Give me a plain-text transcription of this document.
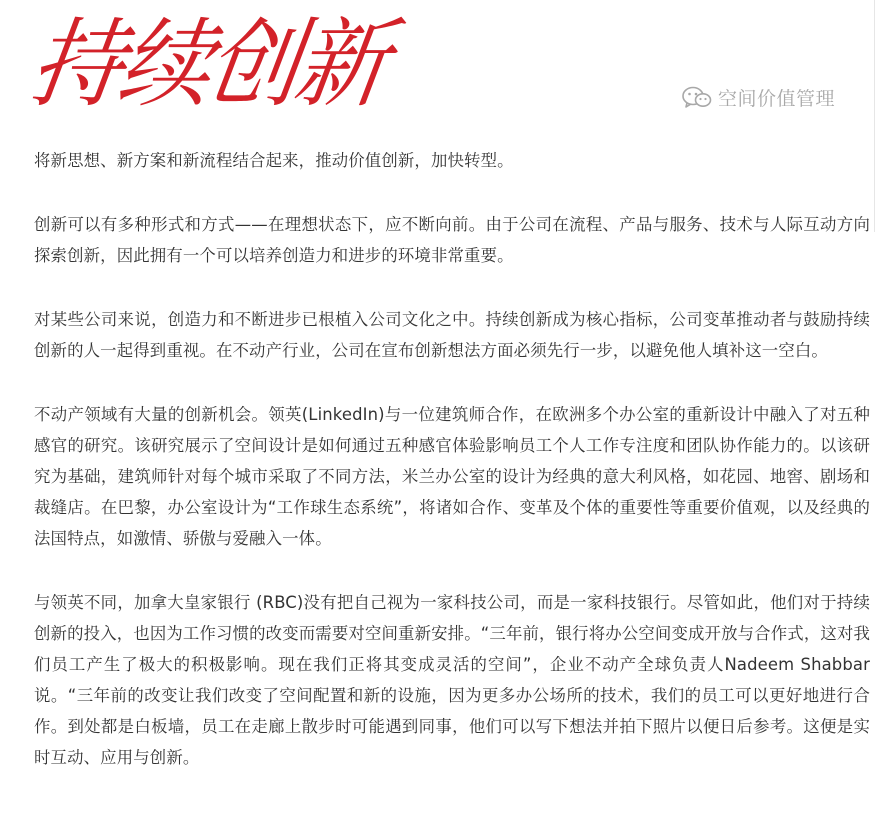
持续创新	空间价值管理

将新思想、新方案和新流程结合起来，推动价值创新，加快转型。

创新可以有多种形式和方式——在理想状态下，应不断向前。由于公司在流程、产品与服务、技术与人际互动方向探索创新，因此拥有一个可以培养创造力和进步的环境非常重要。

对某些公司来说，创造力和不断进步已根植入公司文化之中。持续创新成为核心指标，公司变革推动者与鼓励持续创新的人一起得到重视。在不动产行业，公司在宣布创新想法方面必须先行一步，以避免他人填补这一空白。

不动产领域有大量的创新机会。领英(LinkedIn)与一位建筑师合作，在欧洲多个办公室的重新设计中融入了对五种感官的研究。该研究展示了空间设计是如何通过五种感官体验影响员工个人工作专注度和团队协作能力的。以该研究为基础，建筑师针对每个城市采取了不同方法，米兰办公室的设计为经典的意大利风格，如花园、地窖、剧场和裁缝店。在巴黎，办公室设计为“工作球生态系统”，将诸如合作、变革及个体的重要性等重要价值观，以及经典的法国特点，如激情、骄傲与爱融入一体。

与领英不同，加拿大皇家银行 (RBC)没有把自己视为一家科技公司，而是一家科技银行。尽管如此，他们对于持续创新的投入，也因为工作习惯的改变而需要对空间重新安排。“三年前，银行将办公空间变成开放与合作式，这对我们员工产生了极大的积极影响。现在我们正将其变成灵活的空间”，企业不动产全球负责人Nadeem Shabbar说。“三年前的改变让我们改变了空间配置和新的设施，因为更多办公场所的技术，我们的员工可以更好地进行合作。到处都是白板墙，员工在走廊上散步时可能遇到同事，他们可以写下想法并拍下照片以便日后参考。这便是实时互动、应用与创新。
